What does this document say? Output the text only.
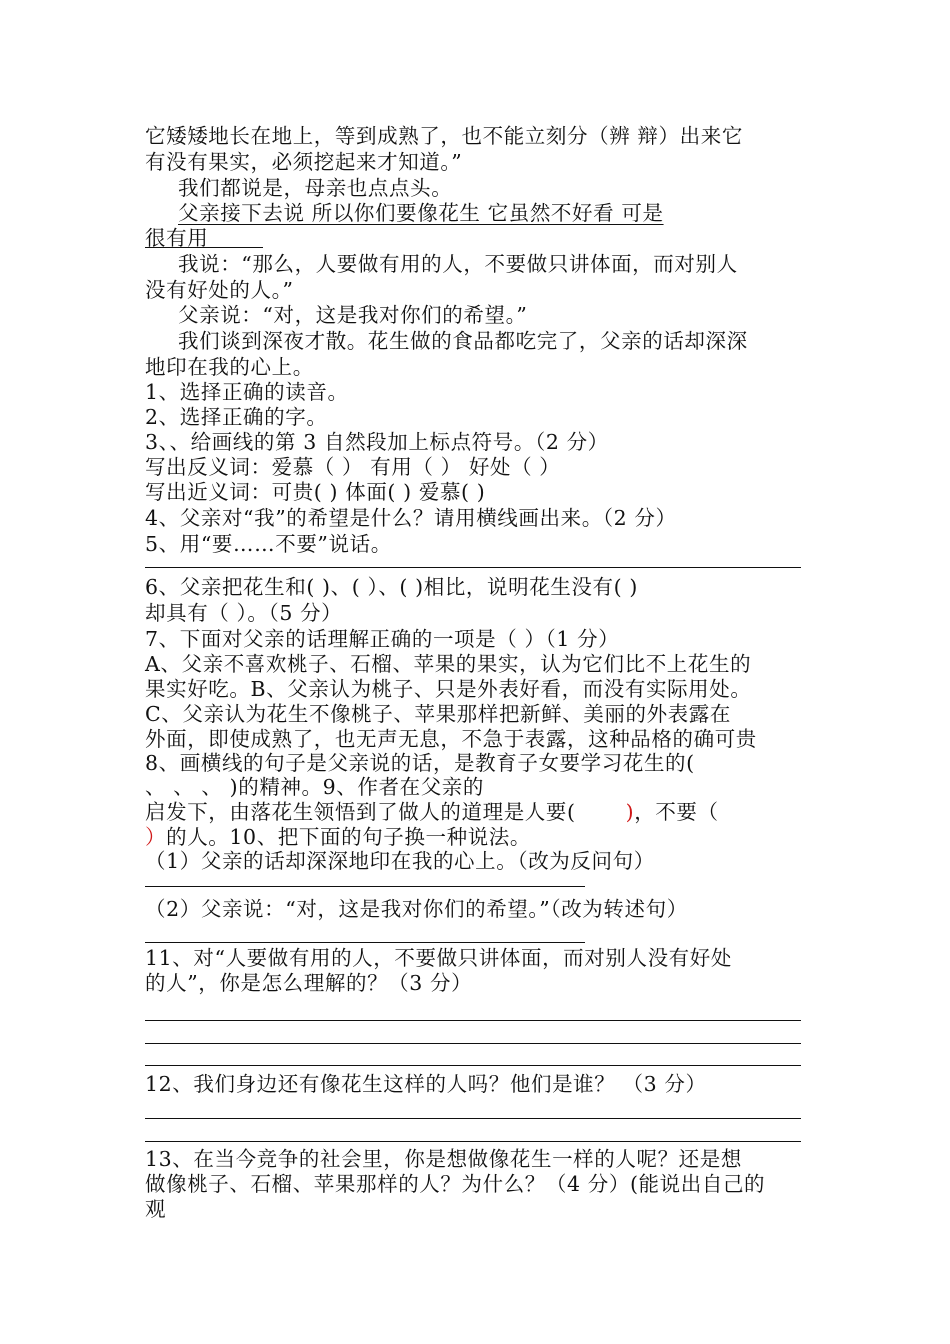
它矮矮地长在地上，等到成熟了，也不能立刻分（辨 辩）出来它
有没有果实，必须挖起来才知道。”
我们都说是，母亲也点点头。
父亲接下去说 所以你们要像花生 它虽然不好看 可是
很有用
我说：“那么，人要做有用的人，不要做只讲体面，而对别人
没有好处的人。”
父亲说：“对，这是我对你们的希望。”
我们谈到深夜才散。花生做的食品都吃完了，父亲的话却深深
地印在我的心上。
1、选择正确的读音。
2、选择正确的字。
3、、给画线的第 3 自然段加上标点符号。（2 分）
写出反义词：爱慕（ ） 有用（ ） 好处（ ）
写出近义词：可贵( ) 体面( ) 爱慕( )
4、父亲对“我”的希望是什么？请用横线画出来。（2 分）
5、用“要……不要”说话。
6、父亲把花生和( )、( ）、( )相比，说明花生没有( )
却具有（ ）。（5 分）
7、下面对父亲的话理解正确的一项是（ ）（1 分）
A、父亲不喜欢桃子、石榴、苹果的果实，认为它们比不上花生的
果实好吃。B、父亲认为桃子、只是外表好看，而没有实际用处。
C、父亲认为花生不像桃子、苹果那样把新鲜、美丽的外表露在
外面，即使成熟了，也无声无息，不急于表露，这种品格的确可贵
8、画横线的句子是父亲说的话，是教育子女要学习花生的(
、 、 、 )的精神。9、作者在父亲的
启发下，由落花生领悟到了做人的道理是人要( )，不要（
）的人。10、把下面的句子换一种说法。
（1）父亲的话却深深地印在我的心上。（改为反问句）
（2）父亲说：“对，这是我对你们的希望。”（改为转述句）
11、对“人要做有用的人，不要做只讲体面，而对别人没有好处
的人”，你是怎么理解的？（3 分）
12、我们身边还有像花生这样的人吗？他们是谁？ （3 分）
13、在当今竞争的社会里，你是想做像花生一样的人呢？还是想
做像桃子、石榴、苹果那样的人？为什么？（4 分）(能说出自己的
观
